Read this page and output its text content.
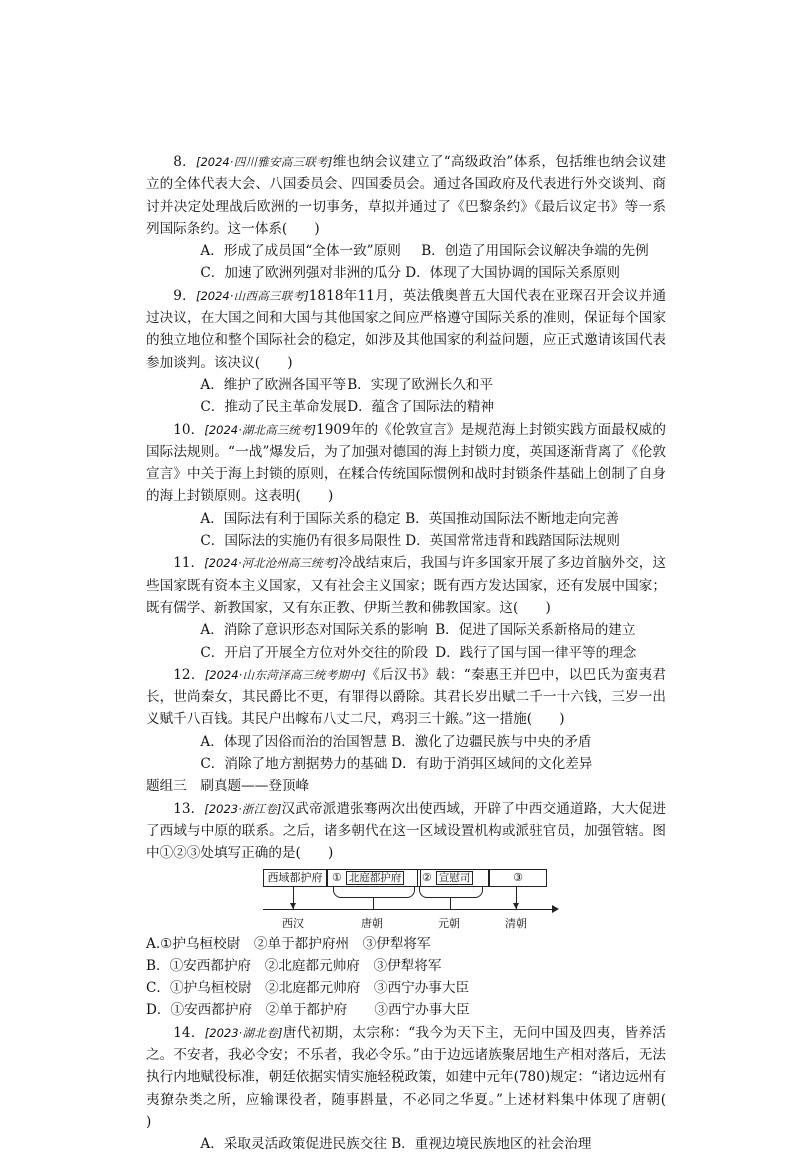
8．[2024·四川雅安高三联考]维也纳会议建立了“高级政治”体系，包括维也纳会议建立的全体代表大会、八国委员会、四国委员会。通过各国政府及代表进行外交谈判、商讨并决定处理战后欧洲的一切事务，草拟并通过了《巴黎条约》《最后议定书》等一系列国际条约。这一体系(　　)

A．形成了成员国“全体一致”原则 B．创造了用国际会议解决争端的先例

C．加速了欧洲列强对非洲的瓜分 D．体现了大国协调的国际关系原则

9．[2024·山西高三联考]1818年11月，英法俄奥普五大国代表在亚琛召开会议并通过决议，在大国之间和大国与其他国家之间应严格遵守国际关系的准则，保证每个国家的独立地位和整个国际社会的稳定，如涉及其他国家的利益问题，应正式邀请该国代表参加谈判。该决议(　　)

A．维护了欧洲各国平等B．实现了欧洲长久和平

C．推动了民主革命发展D．蕴含了国际法的精神

10．[2024·湖北高三统考]1909年的《伦敦宣言》是规范海上封锁实践方面最权威的国际法规则。“一战”爆发后，为了加强对德国的海上封锁力度，英国逐渐背离了《伦敦宣言》中关于海上封锁的原则，在糅合传统国际惯例和战时封锁条件基础上创制了自身的海上封锁原则。这表明(　　)

A．国际法有利于国际关系的稳定 B．英国推动国际法不断地走向完善

C．国际法的实施仍有很多局限性 D．英国常常违背和践踏国际法规则

11．[2024·河北沧州高三统考]冷战结束后，我国与许多国家开展了多边首脑外交，这些国家既有资本主义国家，又有社会主义国家；既有西方发达国家，还有发展中国家；既有儒学、新教国家，又有东正教、伊斯兰教和佛教国家。这(　　)

A．消除了意识形态对国际关系的影响 B．促进了国际关系新格局的建立

C．开启了开展全方位对外交往的阶段 D．践行了国与国一律平等的理念

12．[2024·山东菏泽高三统考期中]《后汉书》载：“秦惠王并巴中，以巴氏为蛮夷君长，世尚秦女，其民爵比不更，有罪得以爵除。其君长岁出赋二千一十六钱，三岁一出义赋千八百钱。其民户出幏布八丈二尺，鸡羽三十鍭。”这一措施(　　)

A．体现了因俗而治的治国智慧 B．激化了边疆民族与中央的矛盾

C．消除了地方割据势力的基础 D．有助于消弭区域间的文化差异

题组三　刷真题——登顶峰

13．[2023·浙江卷]汉武帝派遣张骞两次出使西域，开辟了中西交通道路，大大促进了西域与中原的联系。之后，诸多朝代在这一区域设置机构或派驻官员，加强管辖。图中①②③处填写正确的是(　　)

西域都护府 ① 北庭都护府	② 宣慰司	③
西汉	唐朝	元朝	清朝

A.①护乌桓校尉　②单于都护府州　③伊犁将军

B．①安西都护府　②北庭都元帅府　③伊犁将军

C．①护乌桓校尉　②北庭都元帅府　③西宁办事大臣

D．①安西都护府　②单于都护府　　③西宁办事大臣

14．[2023·湖北卷]唐代初期，太宗称：“我今为天下主，无问中国及四夷，皆养活之。不安者，我必令安；不乐者，我必令乐。”由于边远诸族聚居地生产相对落后，无法执行内地赋役标准，朝廷依据实情实施轻税政策，如建中元年(780)规定：“诸边远州有夷獠杂类之所，应输课役者，随事斟量，不必同之华夏。”上述材料集中体现了唐朝(　　)

A．采取灵活政策促进民族交往 B．重视边境民族地区的社会治理
